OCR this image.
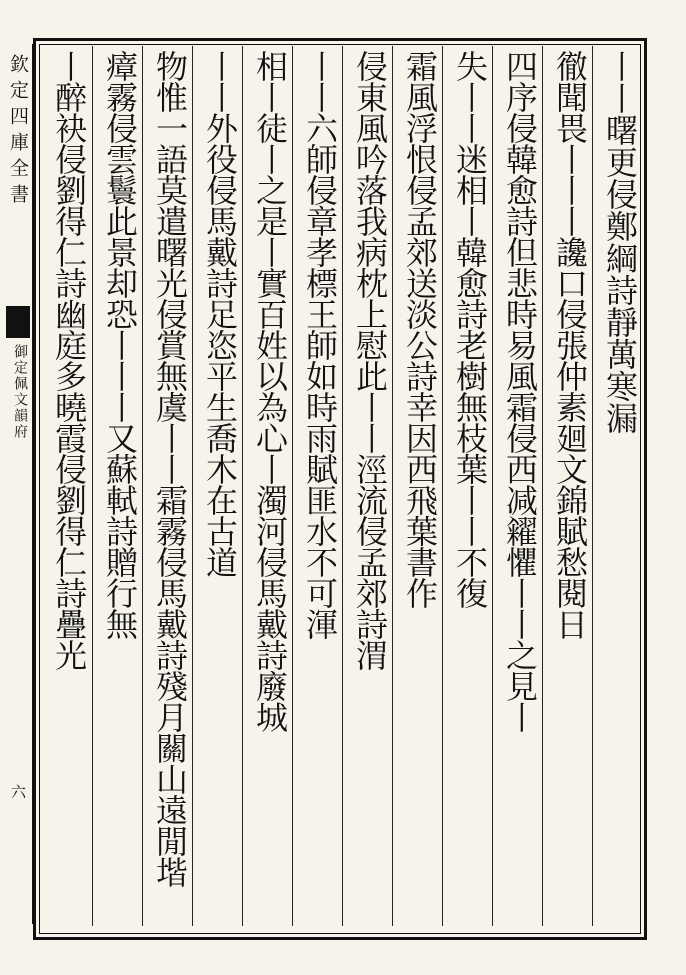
欽定四庫全書
御定佩文韻府
六
丨丨曙更侵鄭綱詩靜萬寒漏
徹聞畏丨丨丨讒口侵張仲素廻文錦賦愁閱日
四序侵韓愈詩但悲時易風霜侵西减糴懼丨丨之見丨
失丨丨迷相丨韓愈詩老樹無枝葉丨丨不復
霜風浮恨侵孟郊送淡公詩幸因西飛葉書作
侵東風吟落我病枕上慰此丨丨涇流侵孟郊詩渭
丨丨六師侵章孝標王師如時雨賦匪水不可渾
相丨徒丨之是丨實百姓以為心丨濁河侵馬戴詩廢城
丨丨外役侵馬戴詩足恣平生喬木在古道
物惟一語莫遣曙光侵賞無虞丨丨霜霧侵馬戴詩殘月關山遠閒堦
瘴霧侵雲鬟此景却恐丨丨丨又蘇軾詩贈行無
丨醉袂侵劉得仁詩幽庭多曉霞侵劉得仁詩疊光
